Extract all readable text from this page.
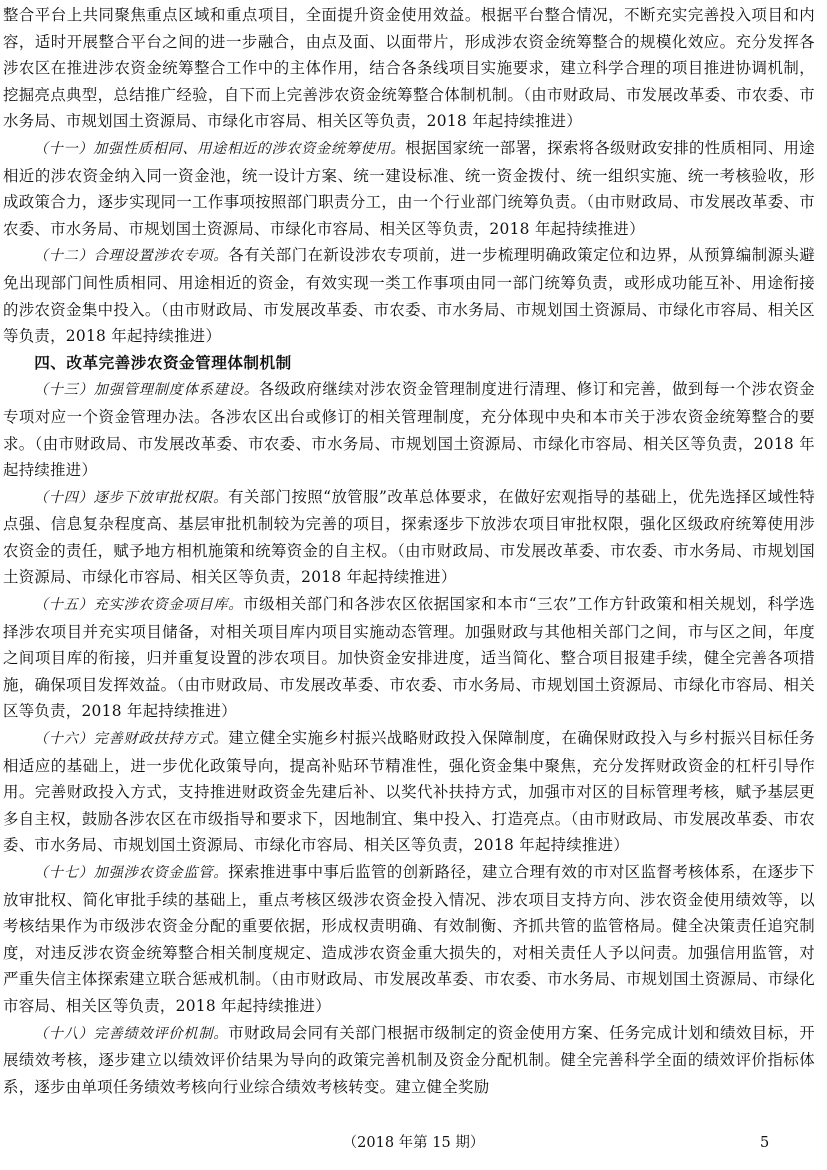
整合平台上共同聚焦重点区域和重点项目，全面提升资金使用效益。根据平台整合情况，不断充实完善投入项目和内容，适时开展整合平台之间的进一步融合，由点及面、以面带片，形成涉农资金统筹整合的规模化效应。充分发挥各涉农区在推进涉农资金统筹整合工作中的主体作用，结合各条线项目实施要求，建立科学合理的项目推进协调机制，挖掘亮点典型，总结推广经验，自下而上完善涉农资金统筹整合体制机制。（由市财政局、市发展改革委、市农委、市水务局、市规划国土资源局、市绿化市容局、相关区等负责，2018 年起持续推进）

（十一）加强性质相同、用途相近的涉农资金统筹使用。根据国家统一部署，探索将各级财政安排的性质相同、用途相近的涉农资金纳入同一资金池，统一设计方案、统一建设标准、统一资金拨付、统一组织实施、统一考核验收，形成政策合力，逐步实现同一工作事项按照部门职责分工，由一个行业部门统筹负责。（由市财政局、市发展改革委、市农委、市水务局、市规划国土资源局、市绿化市容局、相关区等负责，2018 年起持续推进）

（十二）合理设置涉农专项。各有关部门在新设涉农专项前，进一步梳理明确政策定位和边界，从预算编制源头避免出现部门间性质相同、用途相近的资金，有效实现一类工作事项由同一部门统筹负责，或形成功能互补、用途衔接的涉农资金集中投入。（由市财政局、市发展改革委、市农委、市水务局、市规划国土资源局、市绿化市容局、相关区等负责，2018 年起持续推进）

四、改革完善涉农资金管理体制机制

（十三）加强管理制度体系建设。各级政府继续对涉农资金管理制度进行清理、修订和完善，做到每一个涉农资金专项对应一个资金管理办法。各涉农区出台或修订的相关管理制度，充分体现中央和本市关于涉农资金统筹整合的要求。（由市财政局、市发展改革委、市农委、市水务局、市规划国土资源局、市绿化市容局、相关区等负责，2018 年起持续推进）

（十四）逐步下放审批权限。有关部门按照“放管服”改革总体要求，在做好宏观指导的基础上，优先选择区域性特点强、信息复杂程度高、基层审批机制较为完善的项目，探索逐步下放涉农项目审批权限，强化区级政府统筹使用涉农资金的责任，赋予地方相机施策和统筹资金的自主权。（由市财政局、市发展改革委、市农委、市水务局、市规划国土资源局、市绿化市容局、相关区等负责，2018 年起持续推进）

（十五）充实涉农资金项目库。市级相关部门和各涉农区依据国家和本市“三农”工作方针政策和相关规划，科学选择涉农项目并充实项目储备，对相关项目库内项目实施动态管理。加强财政与其他相关部门之间，市与区之间，年度之间项目库的衔接，归并重复设置的涉农项目。加快资金安排进度，适当简化、整合项目报建手续，健全完善各项措施，确保项目发挥效益。（由市财政局、市发展改革委、市农委、市水务局、市规划国土资源局、市绿化市容局、相关区等负责，2018 年起持续推进）

（十六）完善财政扶持方式。建立健全实施乡村振兴战略财政投入保障制度，在确保财政投入与乡村振兴目标任务相适应的基础上，进一步优化政策导向，提高补贴环节精准性，强化资金集中聚焦，充分发挥财政资金的杠杆引导作用。完善财政投入方式，支持推进财政资金先建后补、以奖代补扶持方式，加强市对区的目标管理考核，赋予基层更多自主权，鼓励各涉农区在市级指导和要求下，因地制宜、集中投入、打造亮点。（由市财政局、市发展改革委、市农委、市水务局、市规划国土资源局、市绿化市容局、相关区等负责，2018 年起持续推进）

（十七）加强涉农资金监管。探索推进事中事后监管的创新路径，建立合理有效的市对区监督考核体系，在逐步下放审批权、简化审批手续的基础上，重点考核区级涉农资金投入情况、涉农项目支持方向、涉农资金使用绩效等，以考核结果作为市级涉农资金分配的重要依据，形成权责明确、有效制衡、齐抓共管的监管格局。健全决策责任追究制度，对违反涉农资金统筹整合相关制度规定、造成涉农资金重大损失的，对相关责任人予以问责。加强信用监管，对严重失信主体探索建立联合惩戒机制。（由市财政局、市发展改革委、市农委、市水务局、市规划国土资源局、市绿化市容局、相关区等负责，2018 年起持续推进）

（十八）完善绩效评价机制。市财政局会同有关部门根据市级制定的资金使用方案、任务完成计划和绩效目标，开展绩效考核，逐步建立以绩效评价结果为导向的政策完善机制及资金分配机制。健全完善科学全面的绩效评价指标体系，逐步由单项任务绩效考核向行业综合绩效考核转变。建立健全奖励

（2018 年第 15 期）	5
